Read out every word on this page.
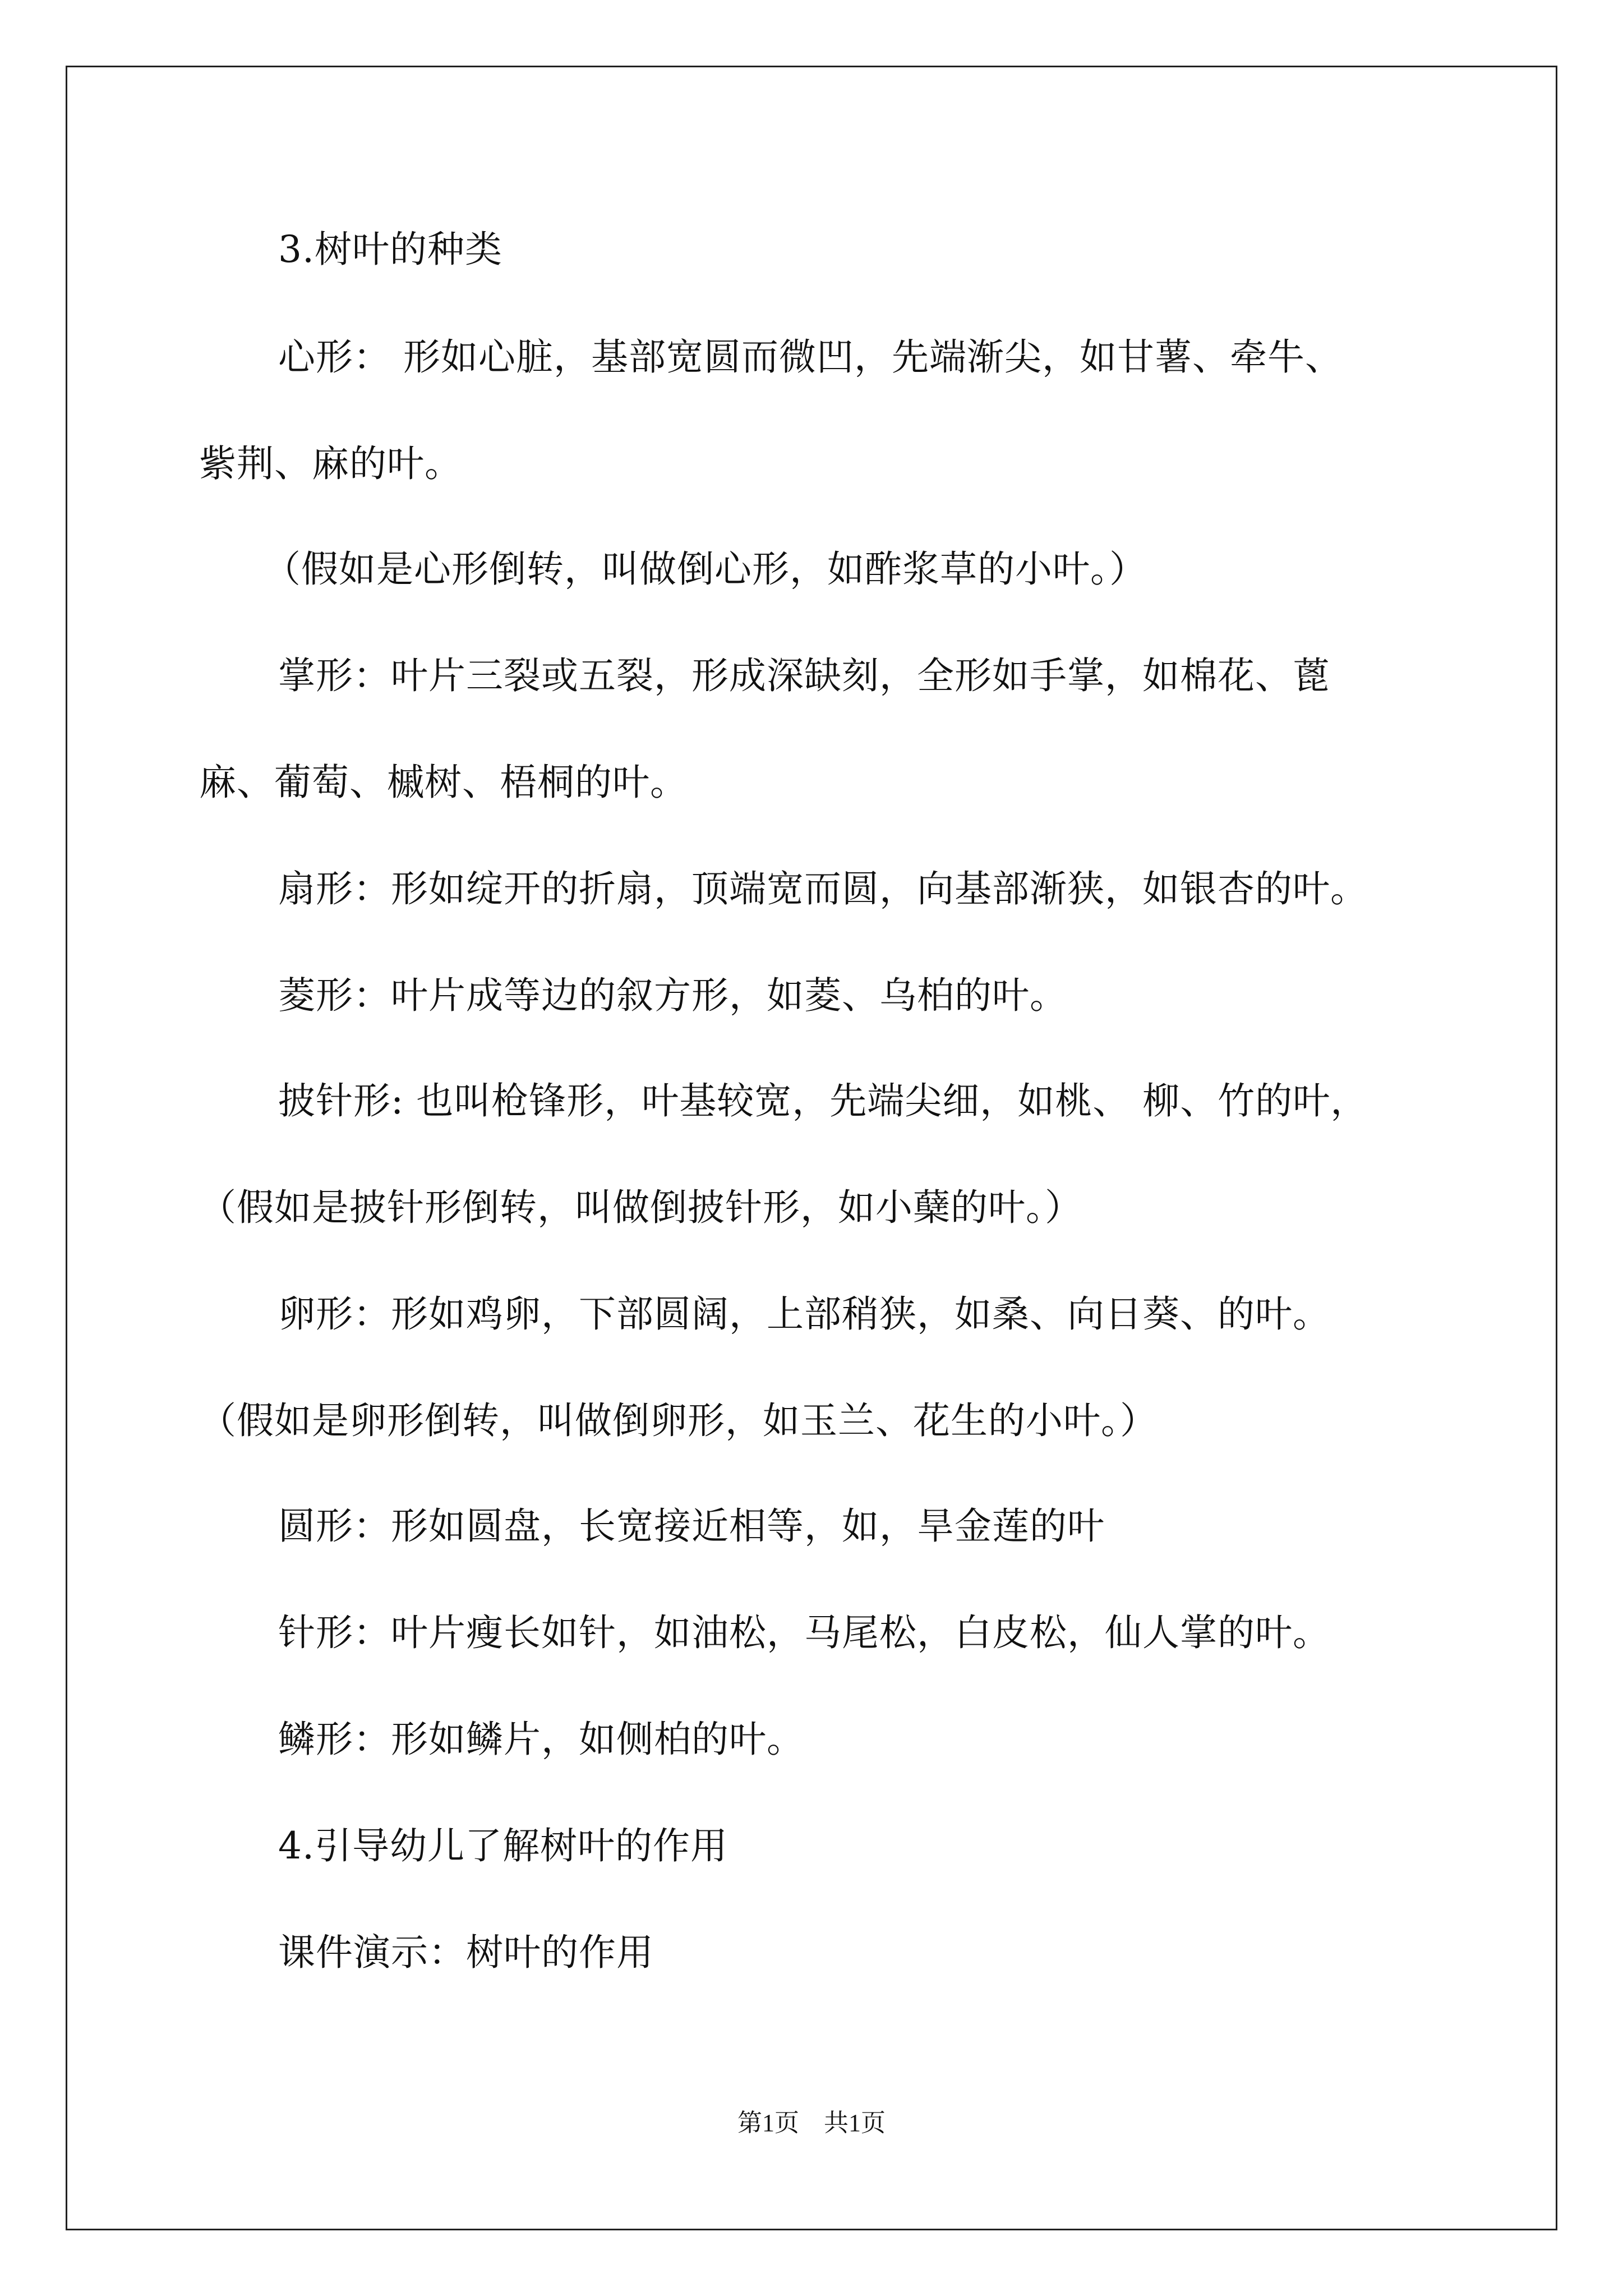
3.树叶的种类
心形： 形如心脏，基部宽圆而微凹，先端渐尖，如甘薯、牵牛、
紫荆、麻的叶。
（假如是心形倒转，叫做倒心形，如酢浆草的小叶。）
掌形：叶片三裂或五裂，形成深缺刻，全形如手掌，如棉花、蓖
麻、葡萄、槭树、梧桐的叶。
扇形：形如绽开的折扇，顶端宽而圆，向基部渐狭，如银杏的叶。
菱形：叶片成等边的叙方形，如菱、乌柏的叶。
披针形: 也叫枪锋形，叶基较宽，先端尖细，如桃、 柳、竹的叶，
（假如是披针形倒转，叫做倒披针形，如小蘖的叶。）
卵形：形如鸡卵，下部圆阔，上部稍狭，如桑、向日葵、的叶。
（假如是卵形倒转，叫做倒卵形，如玉兰、花生的小叶。）
圆形：形如圆盘，长宽接近相等，如，旱金莲的叶
针形：叶片瘦长如针，如油松，马尾松，白皮松，仙人掌的叶。
鳞形：形如鳞片，如侧柏的叶。
4.引导幼儿了解树叶的作用
课件演示：树叶的作用
第1页　共1页
